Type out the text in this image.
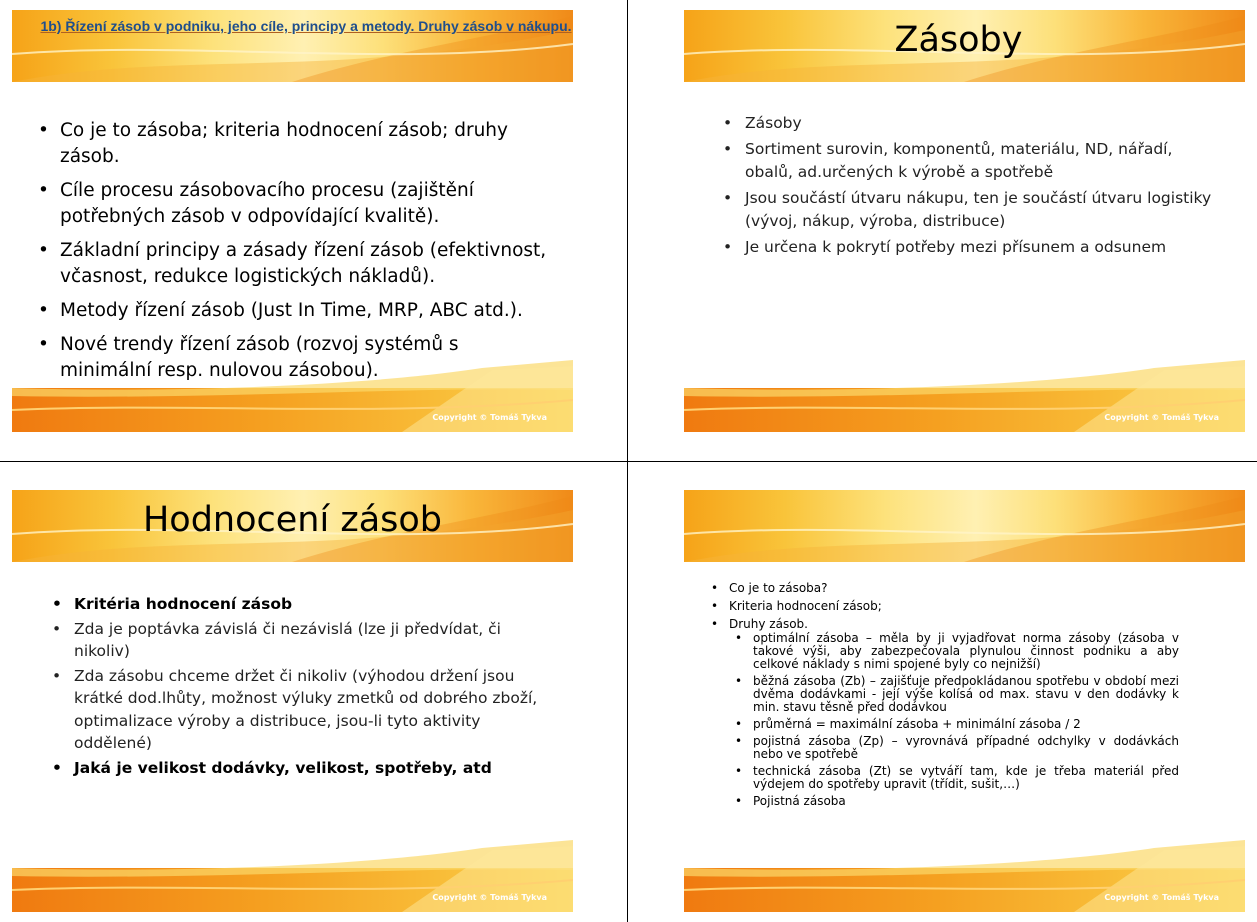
1b) Řízení zásob v podniku, jeho cíle, principy a metody. Druhy zásob v nákupu.
• Co je to zásoba; kriteria hodnocení zásob; druhy zásob.
• Cíle procesu zásobovacího procesu (zajištění potřebných zásob v odpovídající kvalitě).
• Základní principy a zásady řízení zásob (efektivnost, včasnost, redukce logistických nákladů).
• Metody řízení zásob (Just In Time, MRP, ABC atd.).
• Nové trendy řízení zásob (rozvoj systémů s minimální resp. nulovou zásobou).
Copyright © Tomáš Tykva
Zásoby
• Zásoby
• Sortiment surovin, komponentů, materiálu, ND, nářadí, obalů, ad.určených k výrobě a spotřebě
• Jsou součástí útvaru nákupu, ten je součástí útvaru logistiky (vývoj, nákup, výroba, distribuce)
• Je určena k pokrytí potřeby mezi přísunem a odsunem
Copyright © Tomáš Tykva
Hodnocení zásob
• Kritéria hodnocení zásob
• Zda je poptávka závislá či nezávislá (lze ji předvídat, či nikoliv)
• Zda zásobu chceme držet či nikoliv (výhodou držení jsou krátké dod.lhůty, možnost výluky zmetků od dobrého zboží, optimalizace výroby a distribuce, jsou-li tyto aktivity oddělené)
• Jaká je velikost dodávky, velikost, spotřeby, atd
Copyright © Tomáš Tykva
• Co je to zásoba?
• Kriteria hodnocení zásob;
• Druhy zásob.
• optimální zásoba – měla by ji vyjadřovat norma zásoby (zásoba v takové výši, aby zabezpečovala plynulou činnost podniku a aby celkové náklady s nimi spojené byly co nejnižší)
• běžná zásoba (Zb) – zajišťuje předpokládanou spotřebu v období mezi dvěma dodávkami - její výše kolísá od max. stavu v den dodávky k min. stavu těsně před dodávkou
• průměrná = maximální zásoba + minimální zásoba / 2
• pojistná zásoba (Zp) – vyrovnává případné odchylky v dodávkách nebo ve spotřebě
• technická zásoba (Zt) se vytváří tam, kde je třeba materiál před výdejem do spotřeby upravit (třídit, sušit,…)
• Pojistná zásoba
Copyright © Tomáš Tykva
